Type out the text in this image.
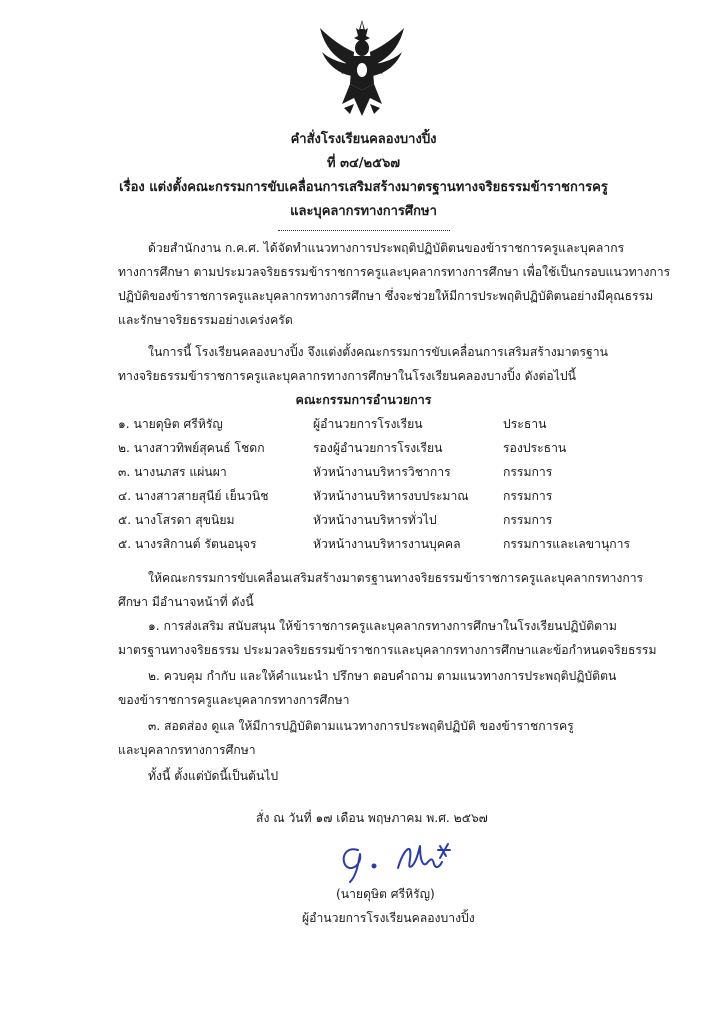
คำสั่งโรงเรียนคลองบางปิ้ง
ที่ ๓๔/๒๕๖๗
เรื่อง แต่งตั้งคณะกรรมการขับเคลื่อนการเสริมสร้างมาตรฐานทางจริยธรรมข้าราชการครู
และบุคลากรทางการศึกษา
ด้วยสำนักงาน ก.ค.ศ. ได้จัดทำแนวทางการประพฤติปฏิบัติตนของข้าราชการครูและบุคลากร
ทางการศึกษา ตามประมวลจริยธรรมข้าราชการครูและบุคลากรทางการศึกษา เพื่อใช้เป็นกรอบแนวทางการ
ปฏิบัติของข้าราชการครูและบุคลากรทางการศึกษา ซึ่งจะช่วยให้มีการประพฤติปฏิบัติตนอย่างมีคุณธรรม
และรักษาจริยธรรมอย่างเคร่งครัด
ในการนี้ โรงเรียนคลองบางปิ้ง จึงแต่งตั้งคณะกรรมการขับเคลื่อนการเสริมสร้างมาตรฐาน
ทางจริยธรรมข้าราชการครูและบุคลากรทางการศึกษาในโรงเรียนคลองบางปิ้ง ดังต่อไปนี้
คณะกรรมการอำนวยการ
๑. นายดุษิต ศรีหิรัญ	ผู้อำนวยการโรงเรียน	ประธาน
๒. นางสาวทิพย์สุคนธ์ โชดก	รองผู้อำนวยการโรงเรียน	รองประธาน
๓. นางนภสร แผ่นผา	หัวหน้างานบริหารวิชาการ	กรรมการ
๔. นางสาวสายสุนีย์ เย็นวนิช	หัวหน้างานบริหารงบประมาณ	กรรมการ
๕. นางโสรดา สุขนิยม	หัวหน้างานบริหารทั่วไป	กรรมการ
๕. นางรสิกานต์ รัตนอนุจร	หัวหน้างานบริหารงานบุคคล	กรรมการและเลขานุการ
ให้คณะกรรมการขับเคลื่อนเสริมสร้างมาตรฐานทางจริยธรรมข้าราชการครูและบุคลากรทางการ
ศึกษา มีอำนาจหน้าที่ ดังนี้
๑. การส่งเสริม สนับสนุน ให้ข้าราชการครูและบุคลากรทางการศึกษาในโรงเรียนปฏิบัติตาม
มาตรฐานทางจริยธรรม ประมวลจริยธรรมข้าราชการและบุคลากรทางการศึกษาและข้อกำหนดจริยธรรม
๒. ควบคุม กำกับ และให้คำแนะนำ ปรึกษา ตอบคำถาม ตามแนวทางการประพฤติปฏิบัติตน
ของข้าราชการครูและบุคลากรทางการศึกษา
๓. สอดส่อง ดูแล ให้มีการปฏิบัติตามแนวทางการประพฤติปฏิบัติ ของข้าราชการครู
และบุคลากรทางการศึกษา
ทั้งนี้ ตั้งแต่บัดนี้เป็นต้นไป
สั่ง ณ วันที่ ๑๗ เดือน พฤษภาคม พ.ศ. ๒๕๖๗
(นายดุษิต ศรีหิรัญ)
ผู้อำนวยการโรงเรียนคลองบางปิ้ง
